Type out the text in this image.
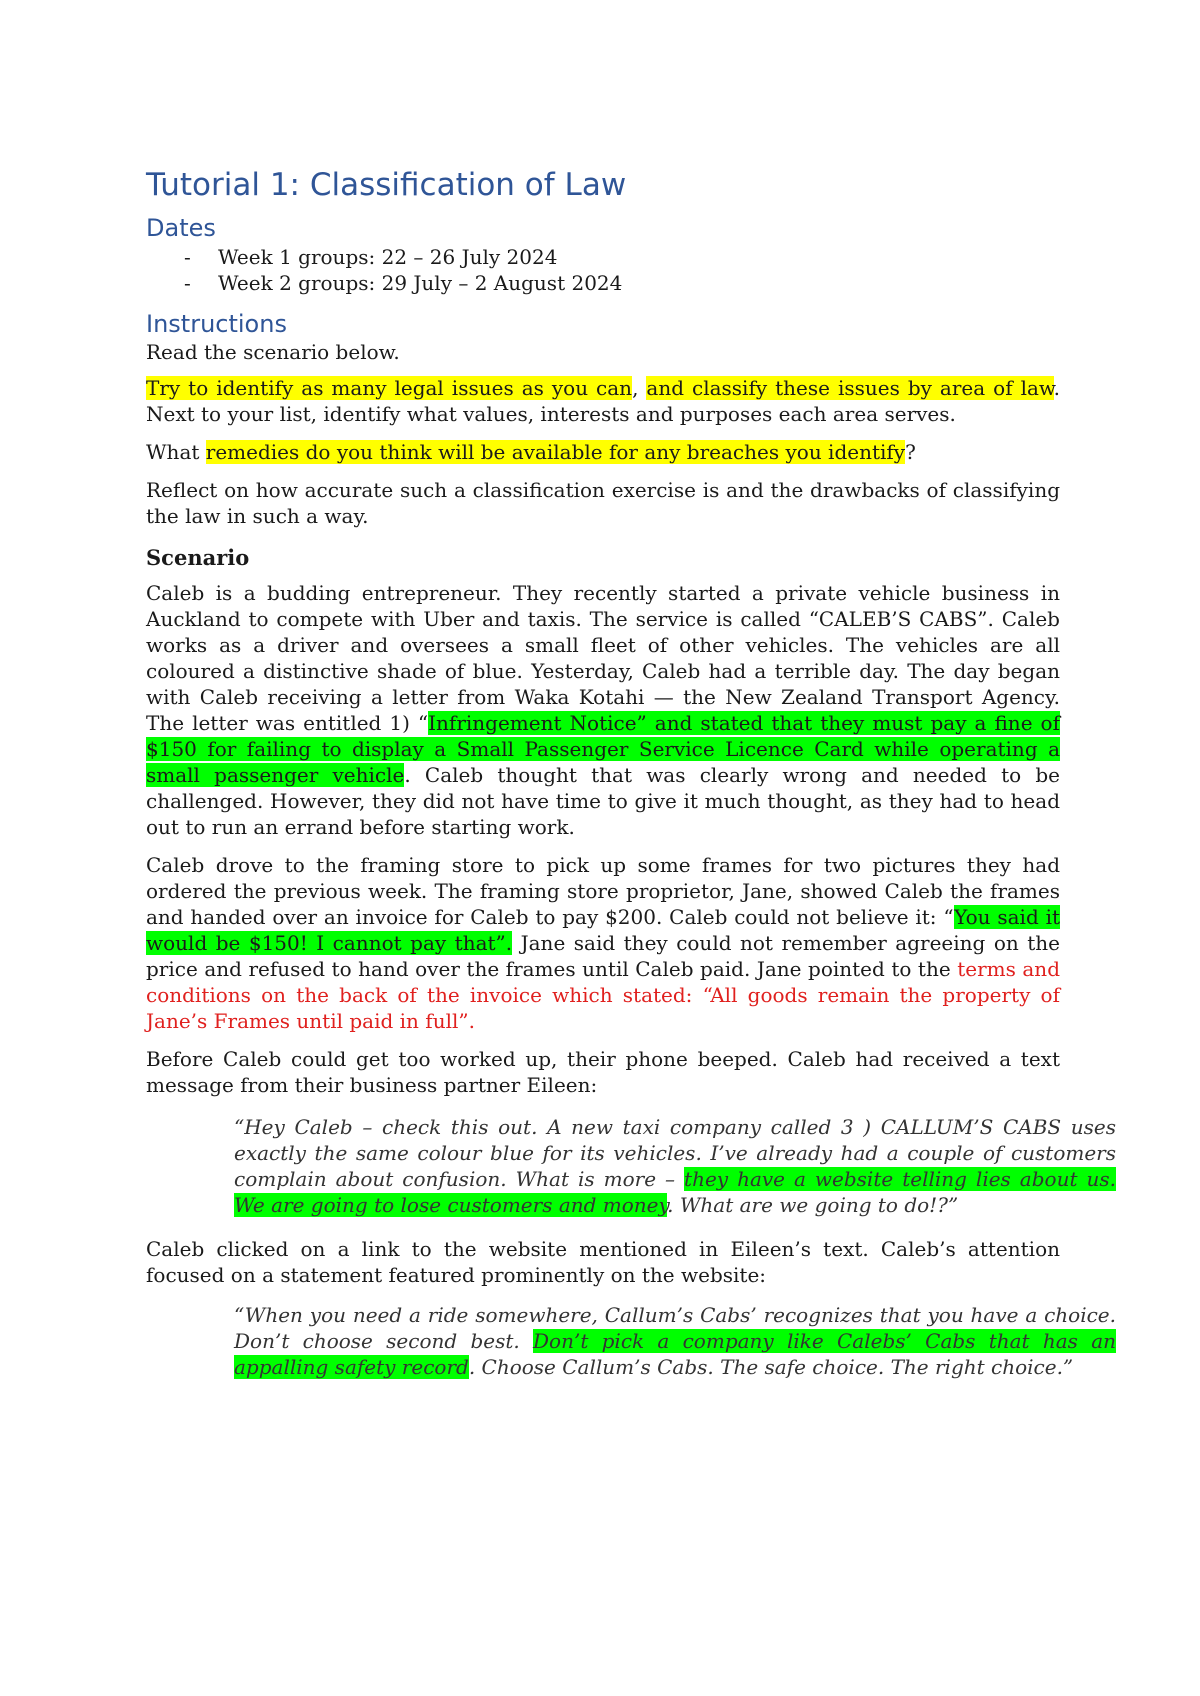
Tutorial 1: Classification of Law
Dates
- Week 1 groups: 22 – 26 July 2024
- Week 2 groups: 29 July – 2 August 2024
Instructions

Read the scenario below.

Try to identify as many legal issues as you can, and classify these issues by area of law. Next to your list, identify what values, interests and purposes each area serves.

What remedies do you think will be available for any breaches you identify?

Reflect on how accurate such a classification exercise is and the drawbacks of classifying the law in such a way.

Scenario

Caleb is a budding entrepreneur. They recently started a private vehicle business in Auckland to compete with Uber and taxis. The service is called “CALEB’S CABS”. Caleb works as a driver and oversees a small fleet of other vehicles. The vehicles are all coloured a distinctive shade of blue. Yesterday, Caleb had a terrible day. The day began with Caleb receiving a letter from Waka Kotahi — the New Zealand Transport Agency. The letter was entitled 1) “Infringement Notice” and stated that they must pay a fine of $150 for failing to display a Small Passenger Service Licence Card while operating a small passenger vehicle. Caleb thought that was clearly wrong and needed to be challenged. However, they did not have time to give it much thought, as they had to head out to run an errand before starting work.

Caleb drove to the framing store to pick up some frames for two pictures they had ordered the previous week. The framing store proprietor, Jane, showed Caleb the frames and handed over an invoice for Caleb to pay $200. Caleb could not believe it: “You said it would be $150! I cannot pay that”. Jane said they could not remember agreeing on the price and refused to hand over the frames until Caleb paid. Jane pointed to the terms and conditions on the back of the invoice which stated: “All goods remain the property of Jane’s Frames until paid in full”.

Before Caleb could get too worked up, their phone beeped. Caleb had received a text message from their business partner Eileen:

“Hey Caleb – check this out. A new taxi company called 3 ) CALLUM’S CABS uses exactly the same colour blue for its vehicles. I’ve already had a couple of customers complain about confusion. What is more – they have a website telling lies about us. We are going to lose customers and money. What are we going to do!?”

Caleb clicked on a link to the website mentioned in Eileen’s text. Caleb’s attention focused on a statement featured prominently on the website:

“When you need a ride somewhere, Callum’s Cabs’ recognizes that you have a choice. Don’t choose second best. Don’t pick a company like Calebs’ Cabs that has an appalling safety record. Choose Callum’s Cabs. The safe choice. The right choice.”
